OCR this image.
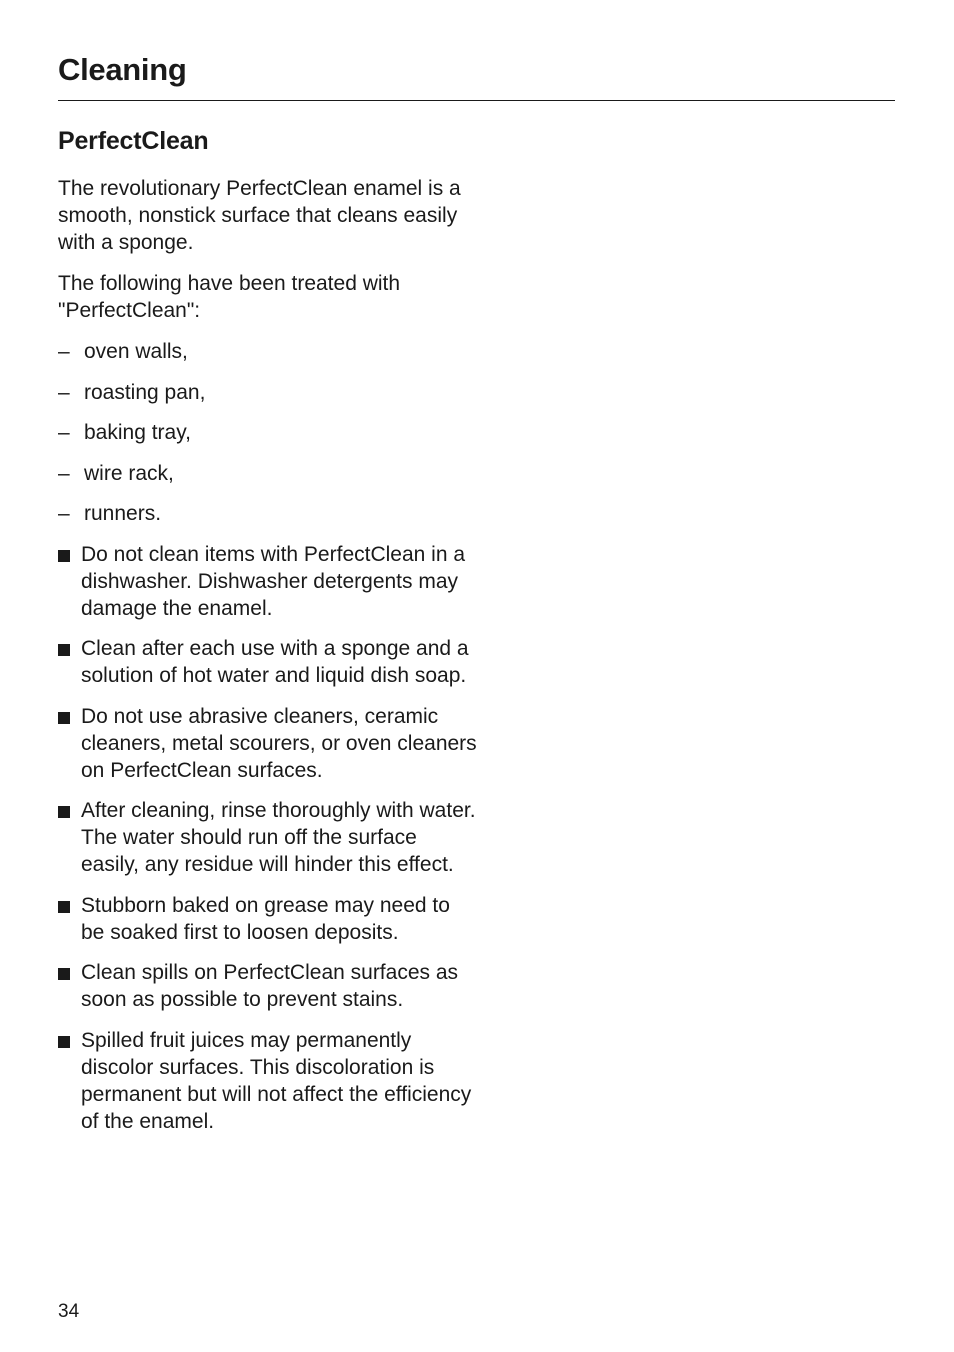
Cleaning
PerfectClean

The revolutionary PerfectClean enamel is a smooth, nonstick surface that cleans easily with a sponge.

The following have been treated with "PerfectClean":

– oven walls,
– roasting pan,
– baking tray,
– wire rack,
– runners.
Do not clean items with PerfectClean in a dishwasher. Dishwasher detergents may damage the enamel.
Clean after each use with a sponge and a solution of hot water and liquid dish soap.
Do not use abrasive cleaners, ceramic cleaners, metal scourers, or oven cleaners on PerfectClean surfaces.
After cleaning, rinse thoroughly with water. The water should run off the surface easily, any residue will hinder this effect.
Stubborn baked on grease may need to be soaked first to loosen deposits.
Clean spills on PerfectClean surfaces as soon as possible to prevent stains.
Spilled fruit juices may permanently discolor surfaces. This discoloration is permanent but will not affect the efficiency of the enamel.
34
